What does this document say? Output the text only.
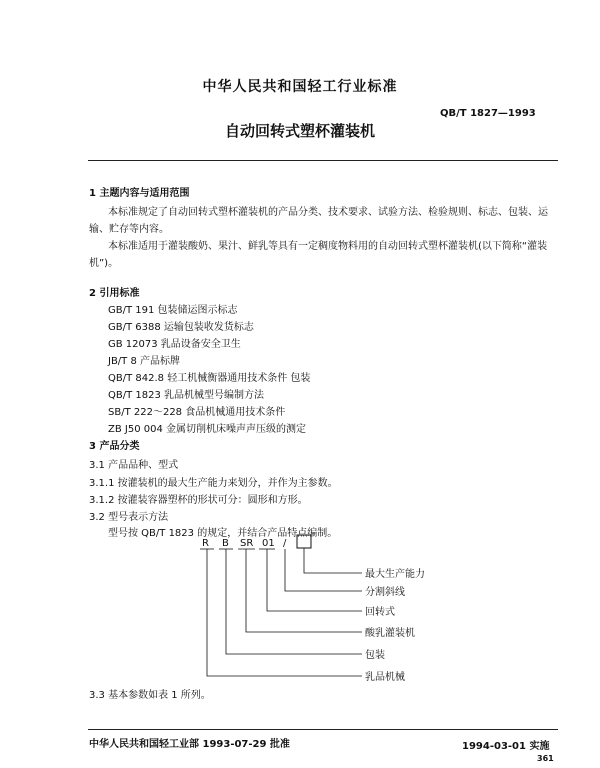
中华人民共和国轻工行业标准
QB/T 1827—1993
自动回转式塑杯灌装机
1 主题内容与适用范围
本标准规定了自动回转式塑杯灌装机的产品分类、技术要求、试验方法、检验规则、标志、包装、运输、贮存等内容。
本标准适用于灌装酸奶、果汁、鲜乳等具有一定稠度物料用的自动回转式塑杯灌装机(以下简称“灌装机”)。
2 引用标准
GB/T 191 包装储运图示标志
GB/T 6388 运输包装收发货标志
GB 12073 乳品设备安全卫生
JB/T 8 产品标牌
QB/T 842.8 轻工机械衡器通用技术条件 包装
QB/T 1823 乳品机械型号编制方法
SB/T 222～228 食品机械通用技术条件
ZB J50 004 金属切削机床噪声声压级的测定
3 产品分类
3.1 产品品种、型式
3.1.1 按灌装机的最大生产能力来划分，并作为主参数。
3.1.2 按灌装容器塑杯的形状可分：圆形和方形。
3.2 型号表示方法
型号按 QB/T 1823 的规定，并结合产品特点编制。
R B SR 01 /
最大生产能力
分割斜线
回转式
酸乳灌装机
包装
乳品机械
3.3 基本参数如表 1 所列。
中华人民共和国轻工业部 1993-07-29 批准	1994-03-01 实施
361
